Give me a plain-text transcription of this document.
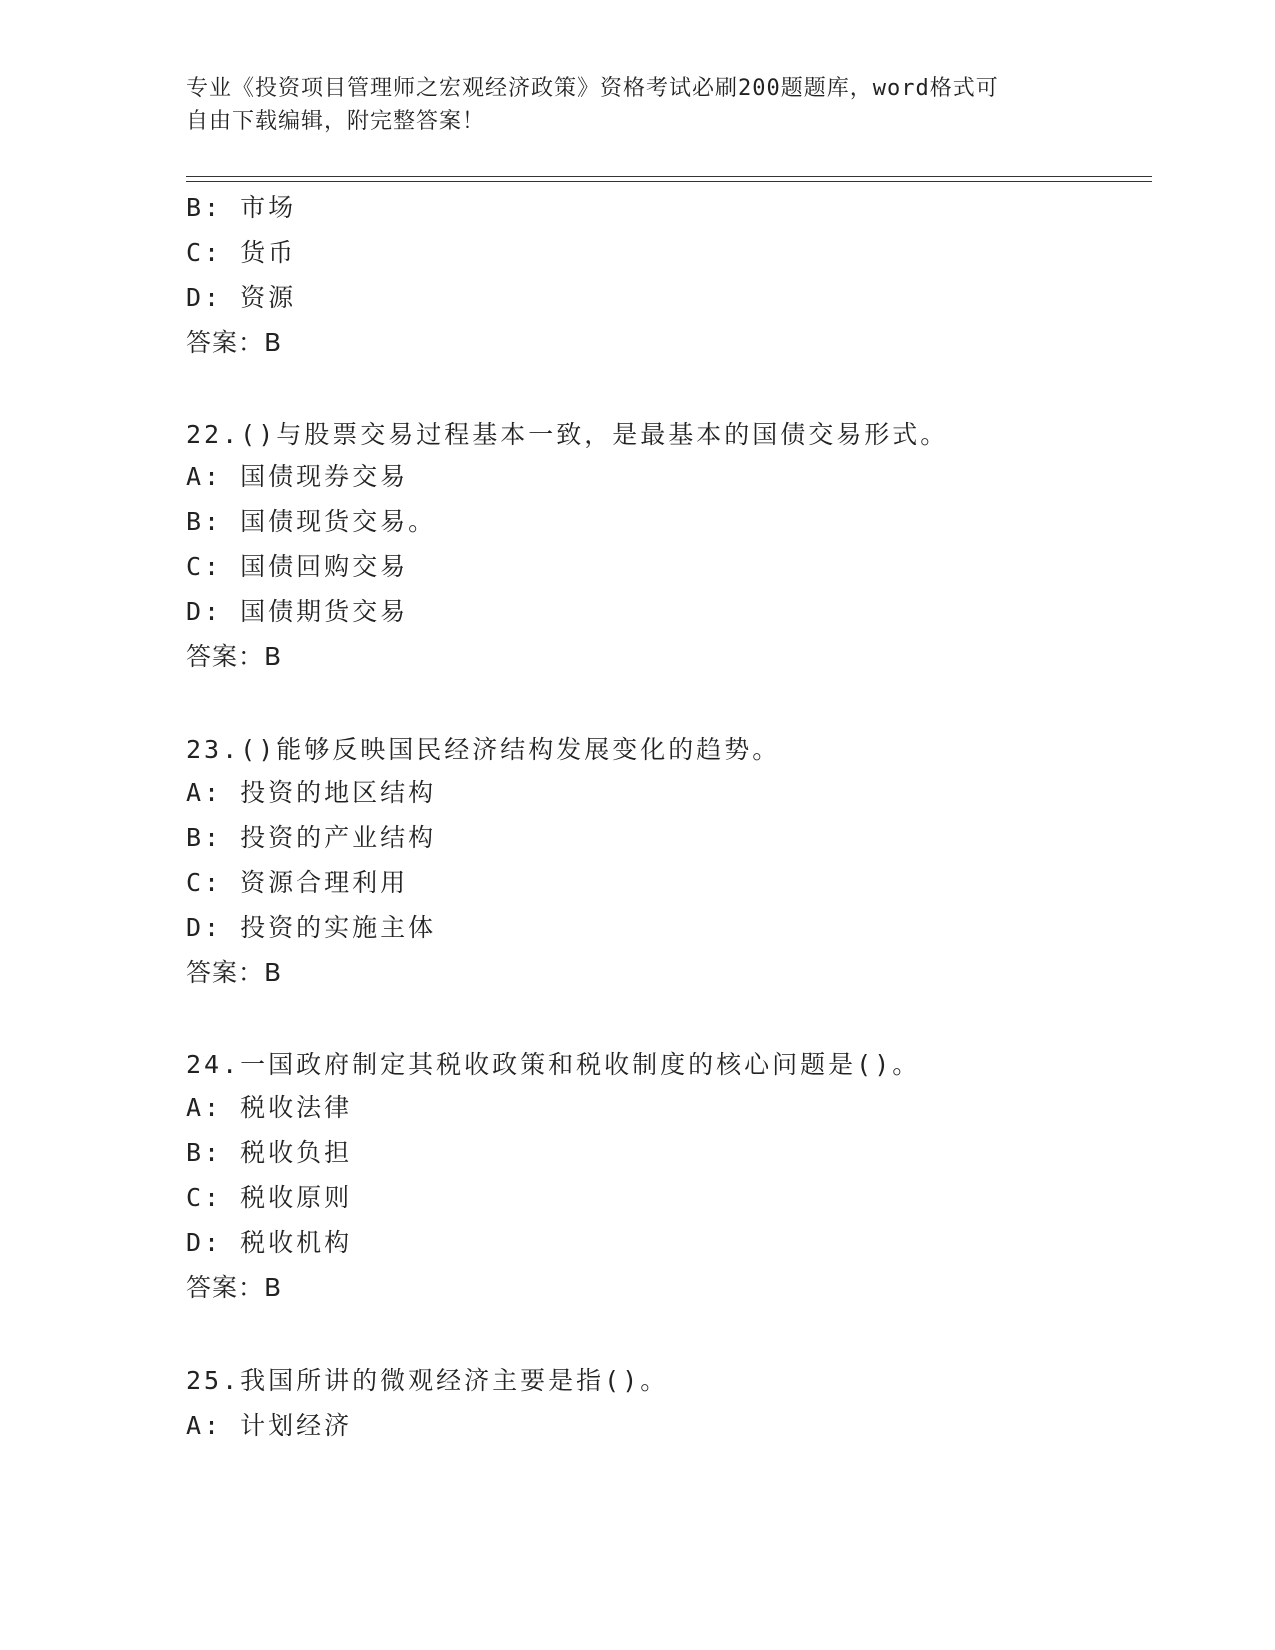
专业《投资项目管理师之宏观经济政策》资格考试必刷200题题库，word格式可
自由下载编辑，附完整答案！
B: 市场
C: 货币
D: 资源
答案：B
22.()与股票交易过程基本一致，是最基本的国债交易形式。
A: 国债现券交易
B: 国债现货交易。
C: 国债回购交易
D: 国债期货交易
答案：B
23.()能够反映国民经济结构发展变化的趋势。
A: 投资的地区结构
B: 投资的产业结构
C: 资源合理利用
D: 投资的实施主体
答案：B
24.一国政府制定其税收政策和税收制度的核心问题是()。
A: 税收法律
B: 税收负担
C: 税收原则
D: 税收机构
答案：B
25.我国所讲的微观经济主要是指()。
A: 计划经济
